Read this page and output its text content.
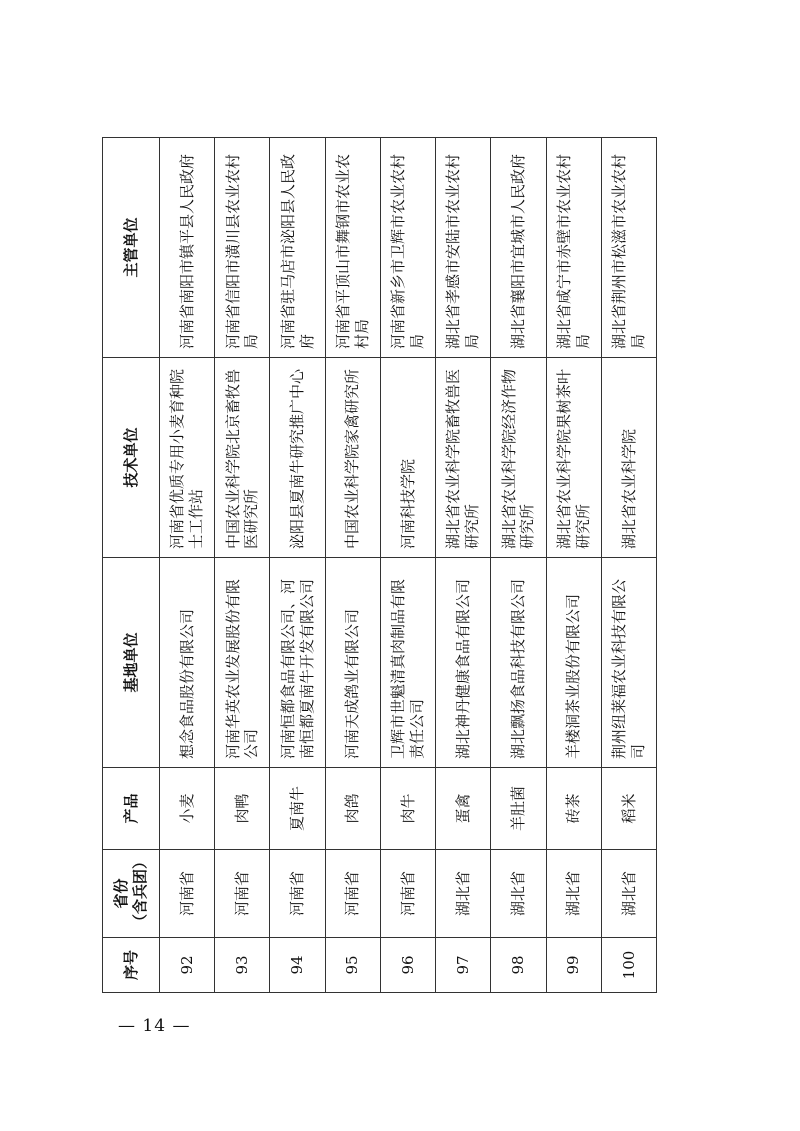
序号	省份 （含兵团）	产品	基地单位	技术单位	主管单位
92	河南省	小麦	想念食品股份有限公司	河南省优质专用小麦育种院士工作站	河南省南阳市镇平县人民政府
93	河南省	肉鸭	河南华英农业发展股份有限公司	中国农业科学院北京畜牧兽医研究所	河南省信阳市潢川县农业农村局
94	河南省	夏南牛	河南恒都食品有限公司、河南恒都夏南牛开发有限公司	泌阳县夏南牛研究推广中心	河南省驻马店市泌阳县人民政府
95	河南省	肉鸽	河南天成鸽业有限公司	中国农业科学院家禽研究所	河南省平顶山市舞钢市农业农村局
96	河南省	肉牛	卫辉市世魁清真肉制品有限责任公司	河南科技学院	河南省新乡市卫辉市农业农村局
97	湖北省	蛋禽	湖北神丹健康食品有限公司	湖北省农业科学院畜牧兽医研究所	湖北省孝感市安陆市农业农村局
98	湖北省	羊肚菌	湖北飘扬食品科技有限公司	湖北省农业科学院经济作物研究所	湖北省襄阳市宜城市人民政府
99	湖北省	砖茶	羊楼洞茶业股份有限公司	湖北省农业科学院果树茶叶研究所	湖北省咸宁市赤壁市农业农村局
100	湖北省	稻米	荆州纽莱福农业科技有限公司	湖北省农业科学院	湖北省荆州市松滋市农业农村局
— 14 —
